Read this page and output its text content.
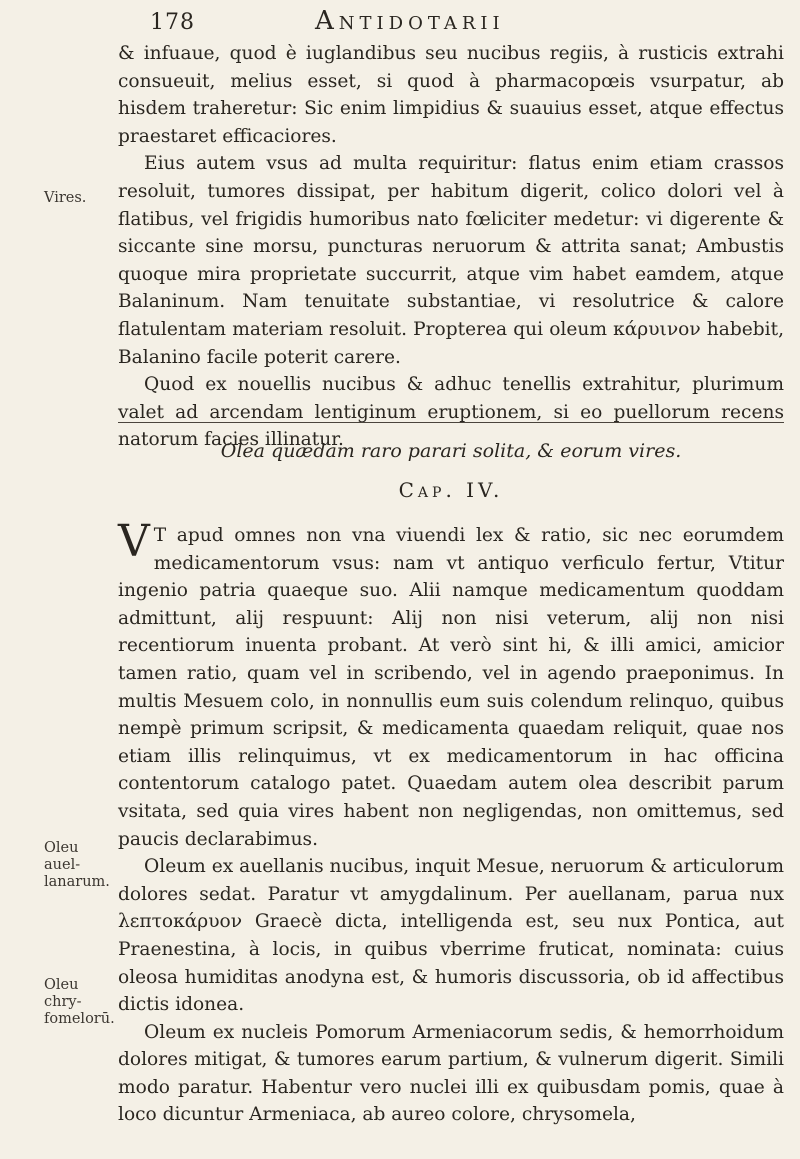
178	Antidotarii

& infuaue, quod è iuglandibus seu nucibus regiis, à rusticis extrahi consueuit, melius esset, si quod à pharmacopœis vsurpatur, ab hisdem traheretur: Sic enim limpidius & suauius esset, atque effectus praestaret efficaciores.

Eius autem vsus ad multa requiritur: flatus enim etiam crassos resoluit, tumores dissipat, per habitum digerit, colico dolori vel à flatibus, vel frigidis humoribus nato fœliciter medetur: vi digerente & siccante sine morsu, puncturas neruorum & attrita sanat; Ambustis quoque mira proprietate succurrit, atque vim habet eamdem, atque Balaninum. Nam tenuitate substantiae, vi resolutrice & calore flatulentam materiam resoluit. Propterea qui oleum κάρυινον habebit, Balanino facile poterit carere.

Quod ex nouellis nucibus & adhuc tenellis extrahitur, plurimum valet ad arcendam lentiginum eruptionem, si eo puellorum recens natorum facies illinatur.

Vires.
Olea quædam raro parari solita, & eorum vires.
Cap. IV.

V T apud omnes non vna viuendi lex & ratio, sic nec eorumdem medicamentorum vsus: nam vt antiquo verficulo fertur, Vtitur ingenio patria quaeque suo. Alii namque medicamentum quoddam admittunt, alij respuunt: Alij non nisi veterum, alij non nisi recentiorum inuenta probant. At verò sint hi, & illi amici, amicior tamen ratio, quam vel in scribendo, vel in agendo praeponimus. In multis Mesuem colo, in nonnullis eum suis colendum relinquo, quibus nempè primum scripsit, & medicamenta quaedam reliquit, quae nos etiam illis relinquimus, vt ex medicamentorum in hac officina contentorum catalogo patet. Quaedam autem olea describit parum vsitata, sed quia vires habent non negligendas, non omittemus, sed paucis declarabimus.

Oleum ex auellanis nucibus, inquit Mesue, neruorum & articulorum dolores sedat. Paratur vt amygdalinum. Per auellanam, parua nux λεπτοκάρυον Graecè dicta, intelligenda est, seu nux Pontica, aut Praenestina, à locis, in quibus vberrime fruticat, nominata: cuius oleosa humiditas anodyna est, & humoris discussoria, ob id affectibus dictis idonea.

Oleum ex nucleis Pomorum Armeniacorum sedis, & hemorrhoidum dolores mitigat, & tumores earum partium, & vulnerum digerit. Simili modo paratur. Habentur vero nuclei illi ex quibusdam pomis, quae à loco dicuntur Armeniaca, ab aureo colore, chrysomela,

Oleu auel-lanarum.
Oleu chry-fomelorū.
